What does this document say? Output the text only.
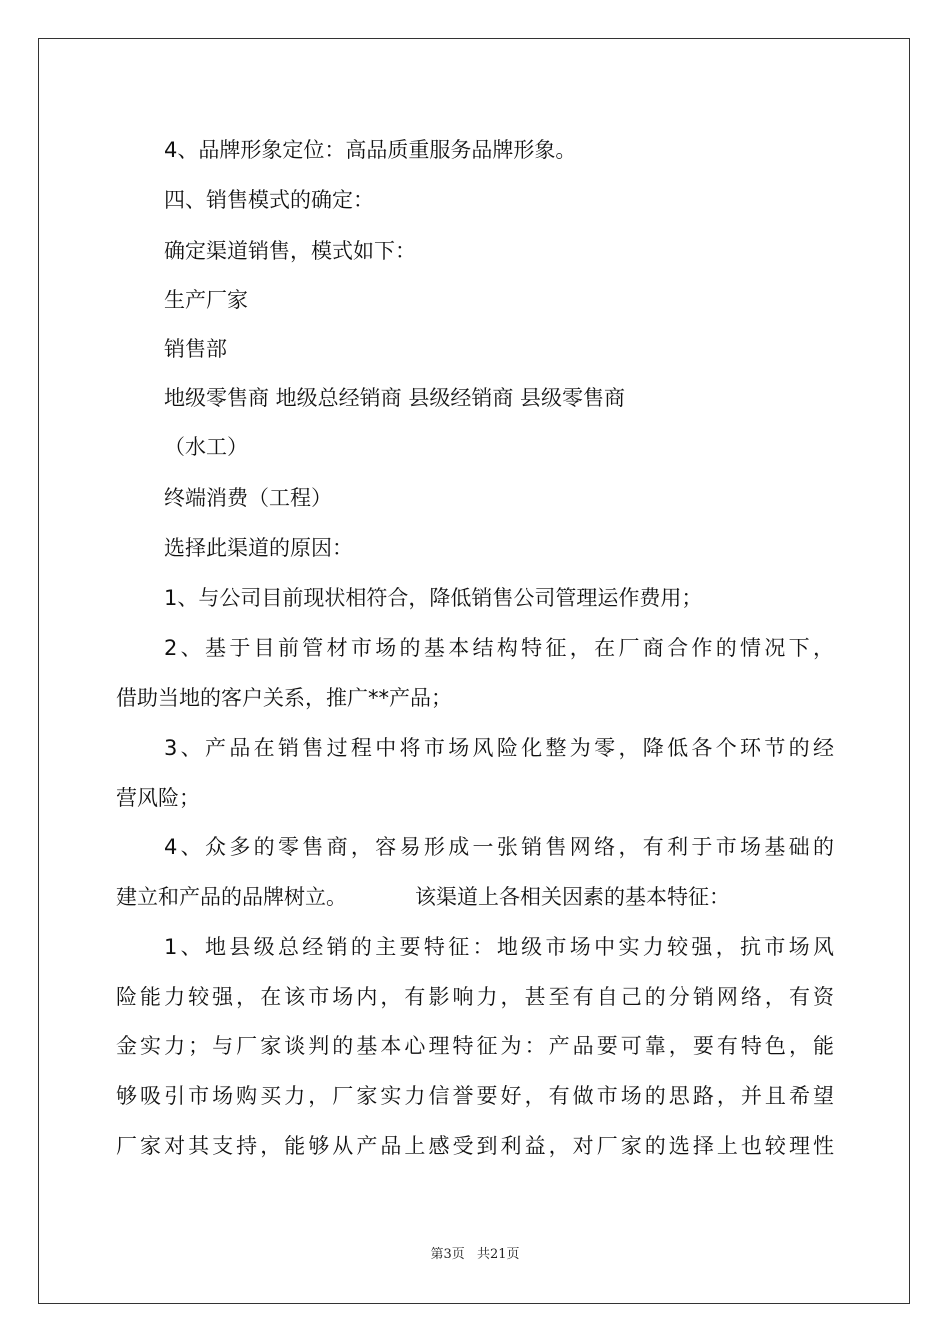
4、品牌形象定位：高品质重服务品牌形象。
四、销售模式的确定：
确定渠道销售，模式如下：
生产厂家
销售部
地级零售商 地级总经销商 县级经销商 县级零售商
（水工）
终端消费（工程）
选择此渠道的原因：
1、与公司目前现状相符合，降低销售公司管理运作费用；
2、基于目前管材市场的基本结构特征，在厂商合作的情况下，
借助当地的客户关系，推广**产品；
3、产品在销售过程中将市场风险化整为零，降低各个环节的经
营风险；
4、众多的零售商，容易形成一张销售网络，有利于市场基础的
建立和产品的品牌树立。	该渠道上各相关因素的基本特征：
1、地县级总经销的主要特征：地级市场中实力较强，抗市场风
险能力较强，在该市场内，有影响力，甚至有自己的分销网络，有资
金实力；与厂家谈判的基本心理特征为：产品要可靠，要有特色，能
够吸引市场购买力，厂家实力信誉要好，有做市场的思路，并且希望
厂家对其支持，能够从产品上感受到利益，对厂家的选择上也较理性
第3页 共21页
